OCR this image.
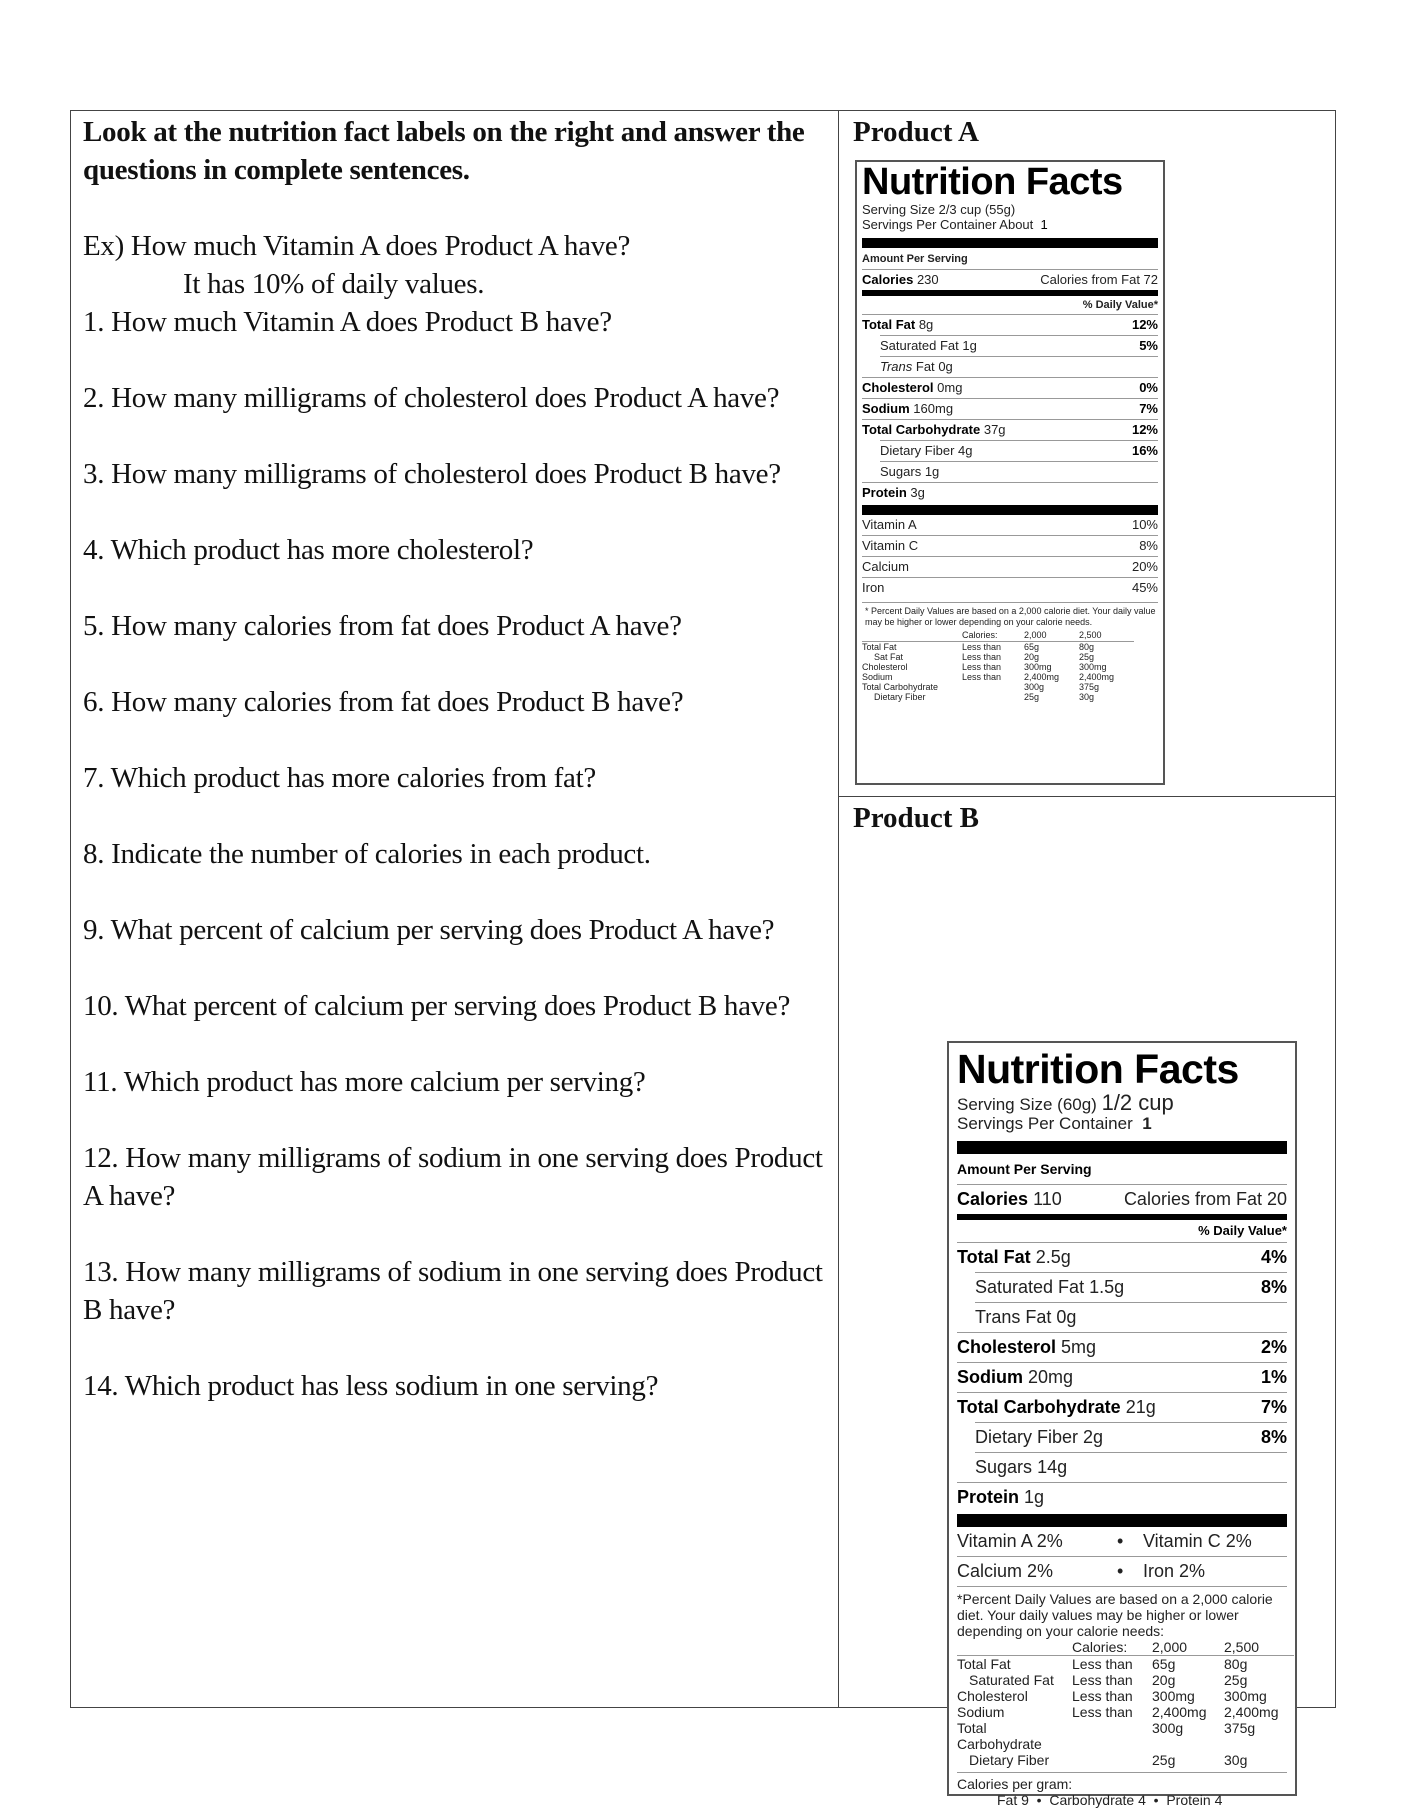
Look at the nutrition fact labels on the right and answer the questions in complete sentences.

Ex) How much Vitamin A does Product A have?
It has 10% of daily values.

1. How much Vitamin A does Product B have?

2. How many milligrams of cholesterol does Product A have?

3. How many milligrams of cholesterol does Product B have?

4. Which product has more cholesterol?

5. How many calories from fat does Product A have?

6. How many calories from fat does Product B have?

7. Which product has more calories from fat?

8. Indicate the number of calories in each product.

9. What percent of calcium per serving does Product A have?

10. What percent of calcium per serving does Product B have?

11. Which product has more calcium per serving?

12. How many milligrams of sodium in one serving does Product A have?

13. How many milligrams of sodium in one serving does Product B have?

14. Which product has less sodium in one serving?

Product A
Nutrition Facts
Serving Size 2/3 cup (55g)
Servings Per Container About 1
Amount Per Serving
Calories 230	Calories from Fat 72
% Daily Value*
Total Fat 8g	12%
Saturated Fat 1g	5%
Trans Fat 0g
Cholesterol 0mg	0%
Sodium 160mg	7%
Total Carbohydrate 37g	12%
Dietary Fiber 4g	16%
Sugars 1g
Protein 3g
Vitamin A	10%
Vitamin C	8%
Calcium	20%
Iron	45%
* Percent Daily Values are based on a 2,000 calorie diet. Your daily value may be higher or lower depending on your calorie needs.
Calories:	2,000	2,500
Total Fat	Less than	65g	80g
Sat Fat	Less than	20g	25g
Cholesterol	Less than	300mg	300mg
Sodium	Less than	2,400mg	2,400mg
Total Carbohydrate	300g	375g
Dietary Fiber	25g	30g
Product B
Nutrition Facts
Serving Size (60g) 1/2 cup
Servings Per Container 1
Amount Per Serving
Calories 110	Calories from Fat 20
% Daily Value*
Total Fat 2.5g	4%
Saturated Fat 1.5g	8%
Trans Fat 0g
Cholesterol 5mg	2%
Sodium 20mg	1%
Total Carbohydrate 21g	7%
Dietary Fiber 2g	8%
Sugars 14g
Protein 1g
Vitamin A 2%	•	Vitamin C 2%
Calcium 2%	•	Iron 2%
*Percent Daily Values are based on a 2,000 calorie diet. Your daily values may be higher or lower depending on your calorie needs:
Calories:	2,000	2,500
Total Fat	Less than	65g	80g
Saturated Fat	Less than	20g	25g
Cholesterol	Less than	300mg	300mg
Sodium	Less than	2,400mg	2,400mg
Total Carbohydrate
300g	375g
Dietary Fiber	25g	30g
Calories per gram:
Fat 9  •  Carbohydrate 4  •  Protein 4
